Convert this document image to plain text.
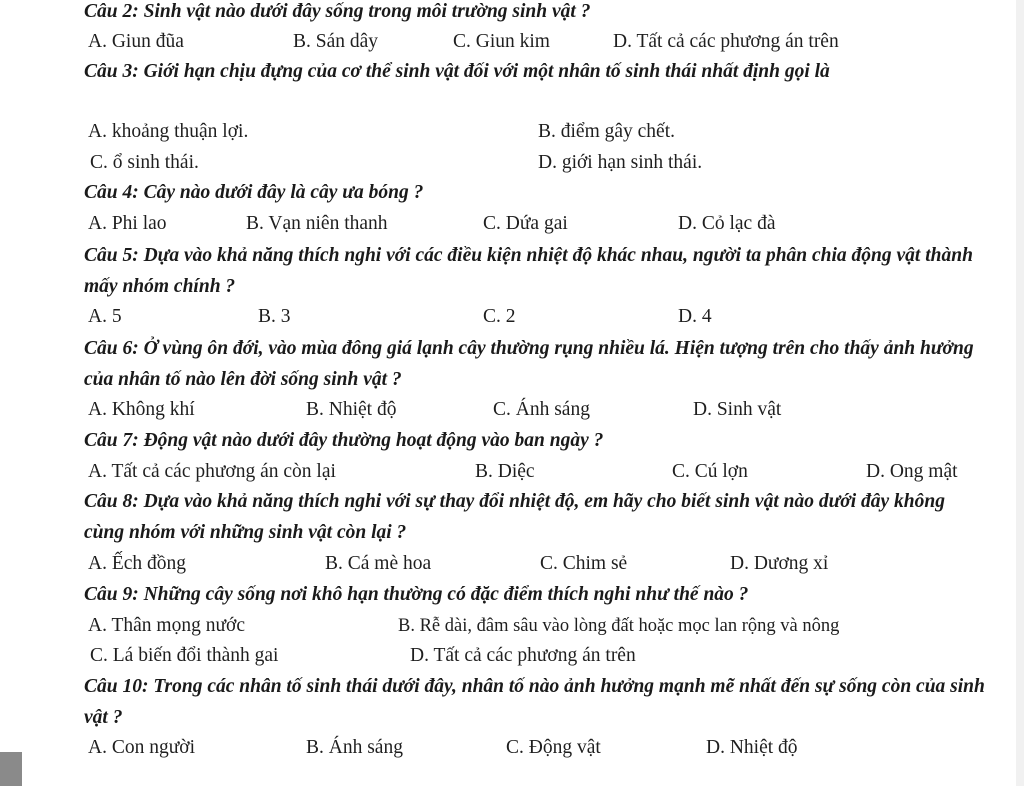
Câu 2: Sinh vật nào dưới đây sống trong môi trường sinh vật ?
A. Giun đũa	B. Sán dây	C. Giun kim	D. Tất cả các phương án trên
Câu 3: Giới hạn chịu đựng của cơ thể sinh vật đối với một nhân tố sinh thái nhất định gọi là
A. khoảng thuận lợi.	B. điểm gây chết.
C. ổ sinh thái.	D. giới hạn sinh thái.
Câu 4: Cây nào dưới đây là cây ưa bóng ?
A. Phi lao	B. Vạn niên thanh	C. Dứa gai	D. Cỏ lạc đà
Câu 5: Dựa vào khả năng thích nghi với các điều kiện nhiệt độ khác nhau, người ta phân chia động vật thành mấy nhóm chính ?
A. 5	B. 3	C. 2	D. 4
Câu 6: Ở vùng ôn đới, vào mùa đông giá lạnh cây thường rụng nhiều lá. Hiện tượng trên cho thấy ảnh hưởng của nhân tố nào lên đời sống sinh vật ?
A. Không khí	B. Nhiệt độ	C. Ánh sáng	D. Sinh vật
Câu 7: Động vật nào dưới đây thường hoạt động vào ban ngày ?
A. Tất cả các phương án còn lại	B. Diệc	C. Cú lợn	D. Ong mật
Câu 8: Dựa vào khả năng thích nghi với sự thay đổi nhiệt độ, em hãy cho biết sinh vật nào dưới đây không cùng nhóm với những sinh vật còn lại ?
A. Ếch đồng	B. Cá mè hoa	C. Chim sẻ	D. Dương xỉ
Câu 9: Những cây sống nơi khô hạn thường có đặc điểm thích nghi như thế nào ?
A. Thân mọng nước	B. Rễ dài, đâm sâu vào lòng đất hoặc mọc lan rộng và nông
C. Lá biến đổi thành gai	D. Tất cả các phương án trên
Câu 10: Trong các nhân tố sinh thái dưới đây, nhân tố nào ảnh hưởng mạnh mẽ nhất đến sự sống còn của sinh vật ?
A. Con người	B. Ánh sáng	C. Động vật	D. Nhiệt độ
